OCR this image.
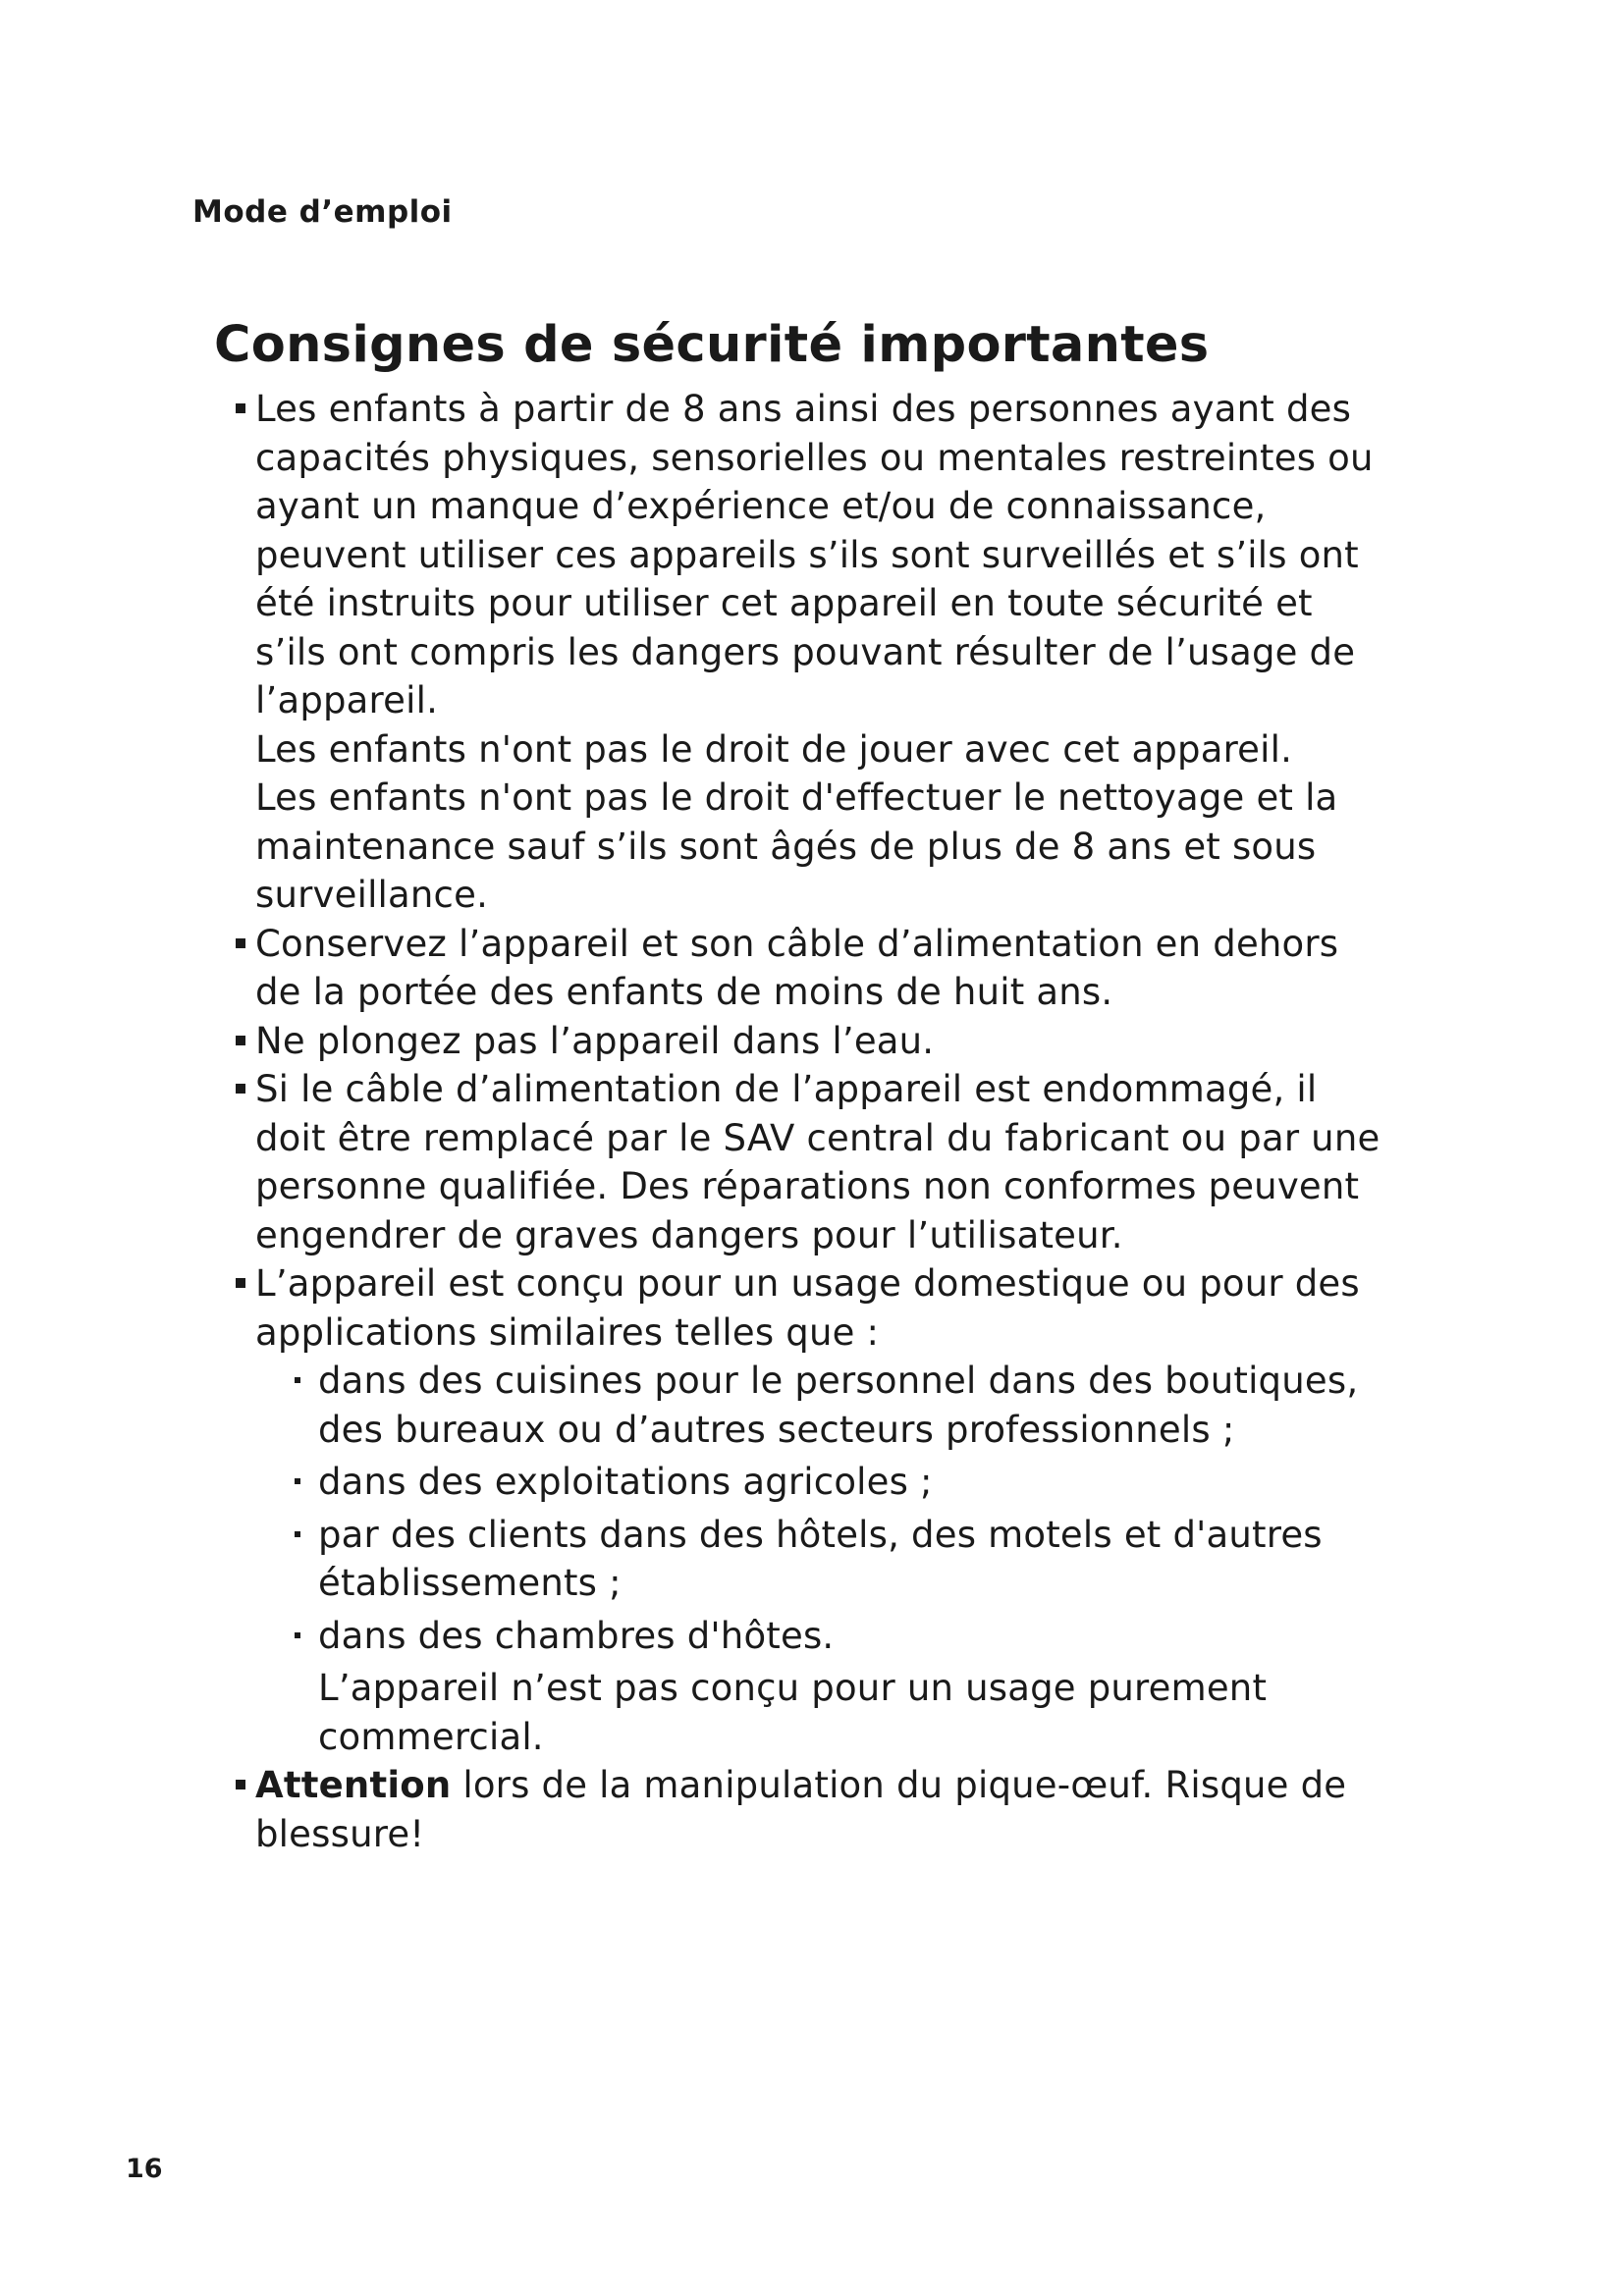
Mode d’emploi
Consignes de sécurité importantes
Les enfants à partir de 8 ans ainsi des personnes ayant des capacités physiques, sensorielles ou mentales restreintes ou ayant un manque d’expérience et/ou de connaissance, peuvent utiliser ces appareils s’ils sont surveillés et s’ils ont été instruits pour utiliser cet appareil en toute sécurité et s’ils ont compris les dangers pouvant résulter de l’usage de l’appareil.
Les enfants n'ont pas le droit de jouer avec cet appareil.
Les enfants n'ont pas le droit d'effectuer le nettoyage et la maintenance sauf s’ils sont âgés de plus de 8 ans et sous surveillance.
Conservez l’appareil et son câble d’alimentation en dehors de la portée des enfants de moins de huit ans.
Ne plongez pas l’appareil dans l’eau.
Si le câble d’alimentation de l’appareil est endommagé, il doit être remplacé par le SAV central du fabricant ou par une personne qualifiée. Des réparations non conformes peuvent engendrer de graves dangers pour l’utilisateur.
L’appareil est conçu pour un usage domestique ou pour des applications similaires telles que :
dans des cuisines pour le personnel dans des boutiques, des bureaux ou d’autres secteurs professionnels ;
dans des exploitations agricoles ;
par des clients dans des hôtels, des motels et d'autres établissements ;
dans des chambres d'hôtes.
L’appareil n’est pas conçu pour un usage purement commercial.
Attention lors de la manipulation du pique-œuf. Risque de blessure!
16
